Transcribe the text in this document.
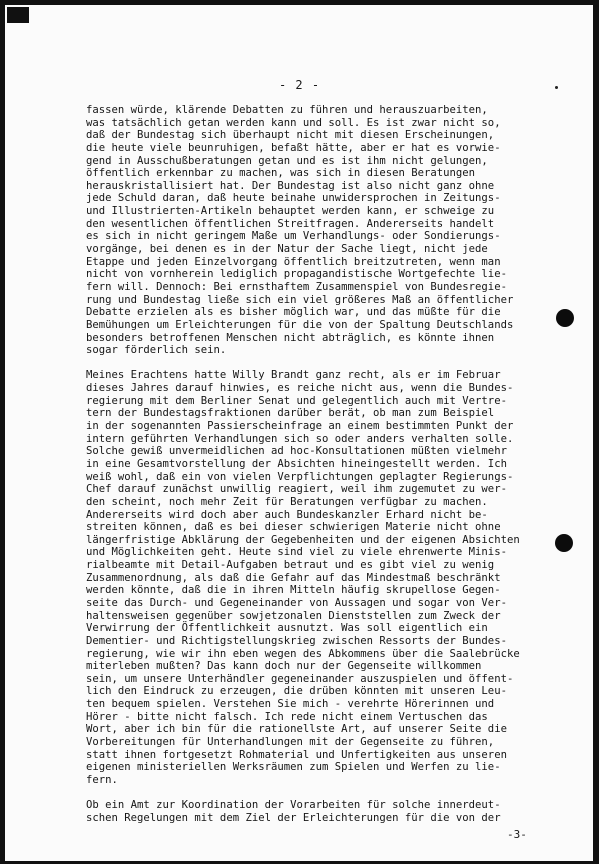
- 2 -
fassen würde, klärende Debatten zu führen und herauszuarbeiten,
was tatsächlich getan werden kann und soll. Es ist zwar nicht so,
daß der Bundestag sich überhaupt nicht mit diesen Erscheinungen,
die heute viele beunruhigen, befaßt hätte, aber er hat es vorwie-
gend in Ausschußberatungen getan und es ist ihm nicht gelungen,
öffentlich erkennbar zu machen, was sich in diesen Beratungen
herauskristallisiert hat. Der Bundestag ist also nicht ganz ohne
jede Schuld daran, daß heute beinahe unwidersprochen in Zeitungs-
und Illustrierten-Artikeln behauptet werden kann, er schweige zu
den wesentlichen öffentlichen Streitfragen. Andererseits handelt
es sich in nicht geringem Maße um Verhandlungs- oder Sondierungs-
vorgänge, bei denen es in der Natur der Sache liegt, nicht jede
Etappe und jeden Einzelvorgang öffentlich breitzutreten, wenn man
nicht von vornherein lediglich propagandistische Wortgefechte lie-
fern will. Dennoch: Bei ernsthaftem Zusammenspiel von Bundesregie-
rung und Bundestag ließe sich ein viel größeres Maß an öffentlicher
Debatte erzielen als es bisher möglich war, und das müßte für die
Bemühungen um Erleichterungen für die von der Spaltung Deutschlands
besonders betroffenen Menschen nicht abträglich, es könnte ihnen
sogar förderlich sein.
Meines Erachtens hatte Willy Brandt ganz recht, als er im Februar
dieses Jahres darauf hinwies, es reiche nicht aus, wenn die Bundes-
regierung mit dem Berliner Senat und gelegentlich auch mit Vertre-
tern der Bundestagsfraktionen darüber berät, ob man zum Beispiel
in der sogenannten Passierscheinfrage an einem bestimmten Punkt der
intern geführten Verhandlungen sich so oder anders verhalten solle.
Solche gewiß unvermeidlichen ad hoc-Konsultationen müßten vielmehr
in eine Gesamtvorstellung der Absichten hineingestellt werden. Ich
weiß wohl, daß ein von vielen Verpflichtungen geplagter Regierungs-
Chef darauf zunächst unwillig reagiert, weil ihm zugemutet zu wer-
den scheint, noch mehr Zeit für Beratungen verfügbar zu machen.
Andererseits wird doch aber auch Bundeskanzler Erhard nicht be-
streiten können, daß es bei dieser schwierigen Materie nicht ohne
längerfristige Abklärung der Gegebenheiten und der eigenen Absichten
und Möglichkeiten geht. Heute sind viel zu viele ehrenwerte Minis-
rialbeamte mit Detail-Aufgaben betraut und es gibt viel zu wenig
Zusammenordnung, als daß die Gefahr auf das Mindestmaß beschränkt
werden könnte, daß die in ihren Mitteln häufig skrupellose Gegen-
seite das Durch- und Gegeneinander von Aussagen und sogar von Ver-
haltensweisen gegenüber sowjetzonalen Dienststellen zum Zweck der
Verwirrung der Öffentlichkeit ausnutzt. Was soll eigentlich ein
Dementier- und Richtigstellungskrieg zwischen Ressorts der Bundes-
regierung, wie wir ihn eben wegen des Abkommens über die Saalebrücke
miterleben mußten? Das kann doch nur der Gegenseite willkommen
sein, um unsere Unterhändler gegeneinander auszuspielen und öffent-
lich den Eindruck zu erzeugen, die drüben könnten mit unseren Leu-
ten bequem spielen. Verstehen Sie mich - verehrte Hörerinnen und
Hörer - bitte nicht falsch. Ich rede nicht einem Vertuschen das
Wort, aber ich bin für die rationellste Art, auf unserer Seite die
Vorbereitungen für Unterhandlungen mit der Gegenseite zu führen,
statt ihnen fortgesetzt Rohmaterial und Unfertigkeiten aus unseren
eigenen ministeriellen Werksräumen zum Spielen und Werfen zu lie-
fern.
Ob ein Amt zur Koordination der Vorarbeiten für solche innerdeut-
schen Regelungen mit dem Ziel der Erleichterungen für die von der
-3-
